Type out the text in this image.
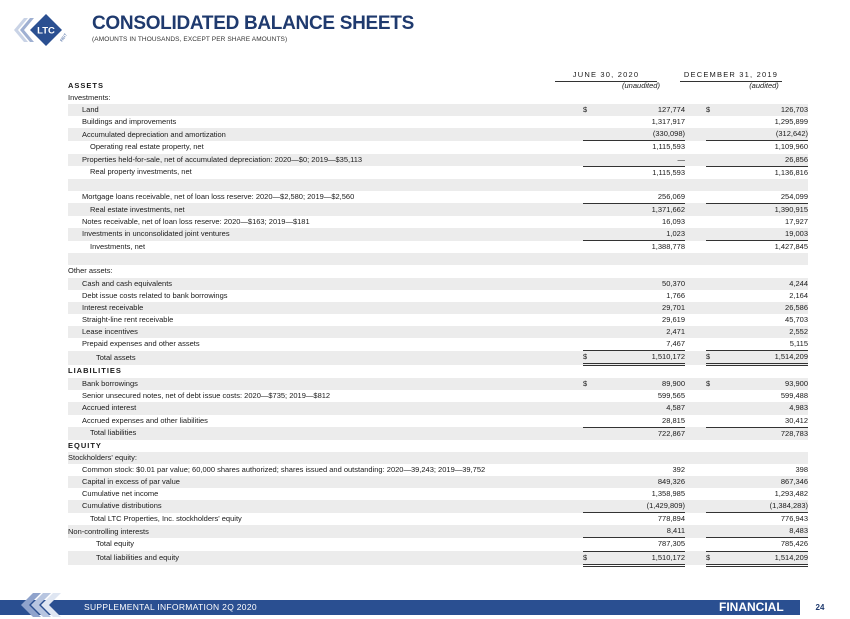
LTC
REIT
CONSOLIDATED BALANCE SHEETS
(AMOUNTS IN THOUSANDS, EXCEPT PER SHARE AMOUNTS)
JUNE 30, 2020	DECEMBER 31, 2019
ASSETS			(unaudited)			(audited)
Investments:						
Land		$	127,774		$	126,703
Buildings and improvements			1,317,917			1,295,899
Accumulated depreciation and amortization			(330,098)			(312,642)
Operating real estate property, net			1,115,593			1,109,960
Properties held-for-sale, net of accumulated depreciation: 2020—$0; 2019—$35,113			—			26,856
Real property investments, net			1,115,593			1,136,816

Mortgage loans receivable, net of loan loss reserve: 2020—$2,580; 2019—$2,560			256,069			254,099
Real estate investments, net			1,371,662			1,390,915
Notes receivable, net of loan loss reserve: 2020—$163; 2019—$181			16,093			17,927
Investments in unconsolidated joint ventures			1,023			19,003
Investments, net			1,388,778			1,427,845

Other assets:						
Cash and cash equivalents			50,370			4,244
Debt issue costs related to bank borrowings			1,766			2,164
Interest receivable			29,701			26,586
Straight-line rent receivable			29,619			45,703
Lease incentives			2,471			2,552
Prepaid expenses and other assets			7,467			5,115
Total assets		$	1,510,172		$	1,514,209
LIABILITIES						
Bank borrowings		$	89,900		$	93,900
Senior unsecured notes, net of debt issue costs: 2020—$735; 2019—$812			599,565			599,488
Accrued interest			4,587			4,983
Accrued expenses and other liabilities			28,815			30,412
Total liabilities			722,867			728,783
EQUITY						
Stockholders' equity:						
Common stock: $0.01 par value; 60,000 shares authorized; shares issued and outstanding: 2020—39,243; 2019—39,752			392			398
Capital in excess of par value			849,326			867,346
Cumulative net income			1,358,985			1,293,482
Cumulative distributions			(1,429,809)			(1,384,283)
Total LTC Properties, Inc. stockholders' equity			778,894			776,943
Non-controlling interests			8,411			8,483
Total equity			787,305			785,426
Total liabilities and equity		$	1,510,172		$	1,514,209
SUPPLEMENTAL INFORMATION 2Q 2020	FINANCIAL	24
